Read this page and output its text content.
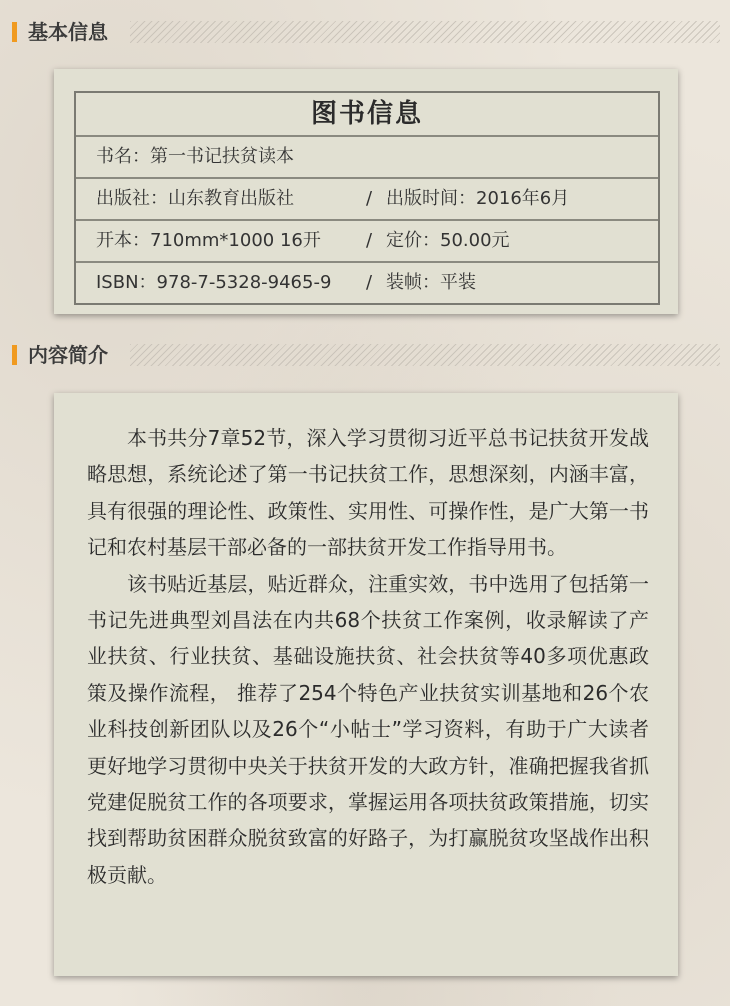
基本信息
图书信息
书名：第一书记扶贫读本
出版社：山东教育出版社	/ 出版时间：2016年6月
开本：710mm*1000 16开	/ 定价：50.00元
ISBN：978-7-5328-9465-9 / 装帧：平装
内容简介

本书共分7章52节，深入学习贯彻习近平总书记扶贫开发战略思想，系统论述了第一书记扶贫工作，思想深刻，内涵丰富，具有很强的理论性、政策性、实用性、可操作性，是广大第一书记和农村基层干部必备的一部扶贫开发工作指导用书。

该书贴近基层，贴近群众，注重实效，书中选用了包括第一书记先进典型刘昌法在内共68个扶贫工作案例，收录解读了产业扶贫、行业扶贫、基础设施扶贫、社会扶贫等40多项优惠政策及操作流程， 推荐了254个特色产业扶贫实训基地和26个农业科技创新团队以及26个“小帖士”学习资料，有助于广大读者更好地学习贯彻中央关于扶贫开发的大政方针，准确把握我省抓党建促脱贫工作的各项要求，掌握运用各项扶贫政策措施，切实找到帮助贫困群众脱贫致富的好路子，为打赢脱贫攻坚战作出积极贡献。
